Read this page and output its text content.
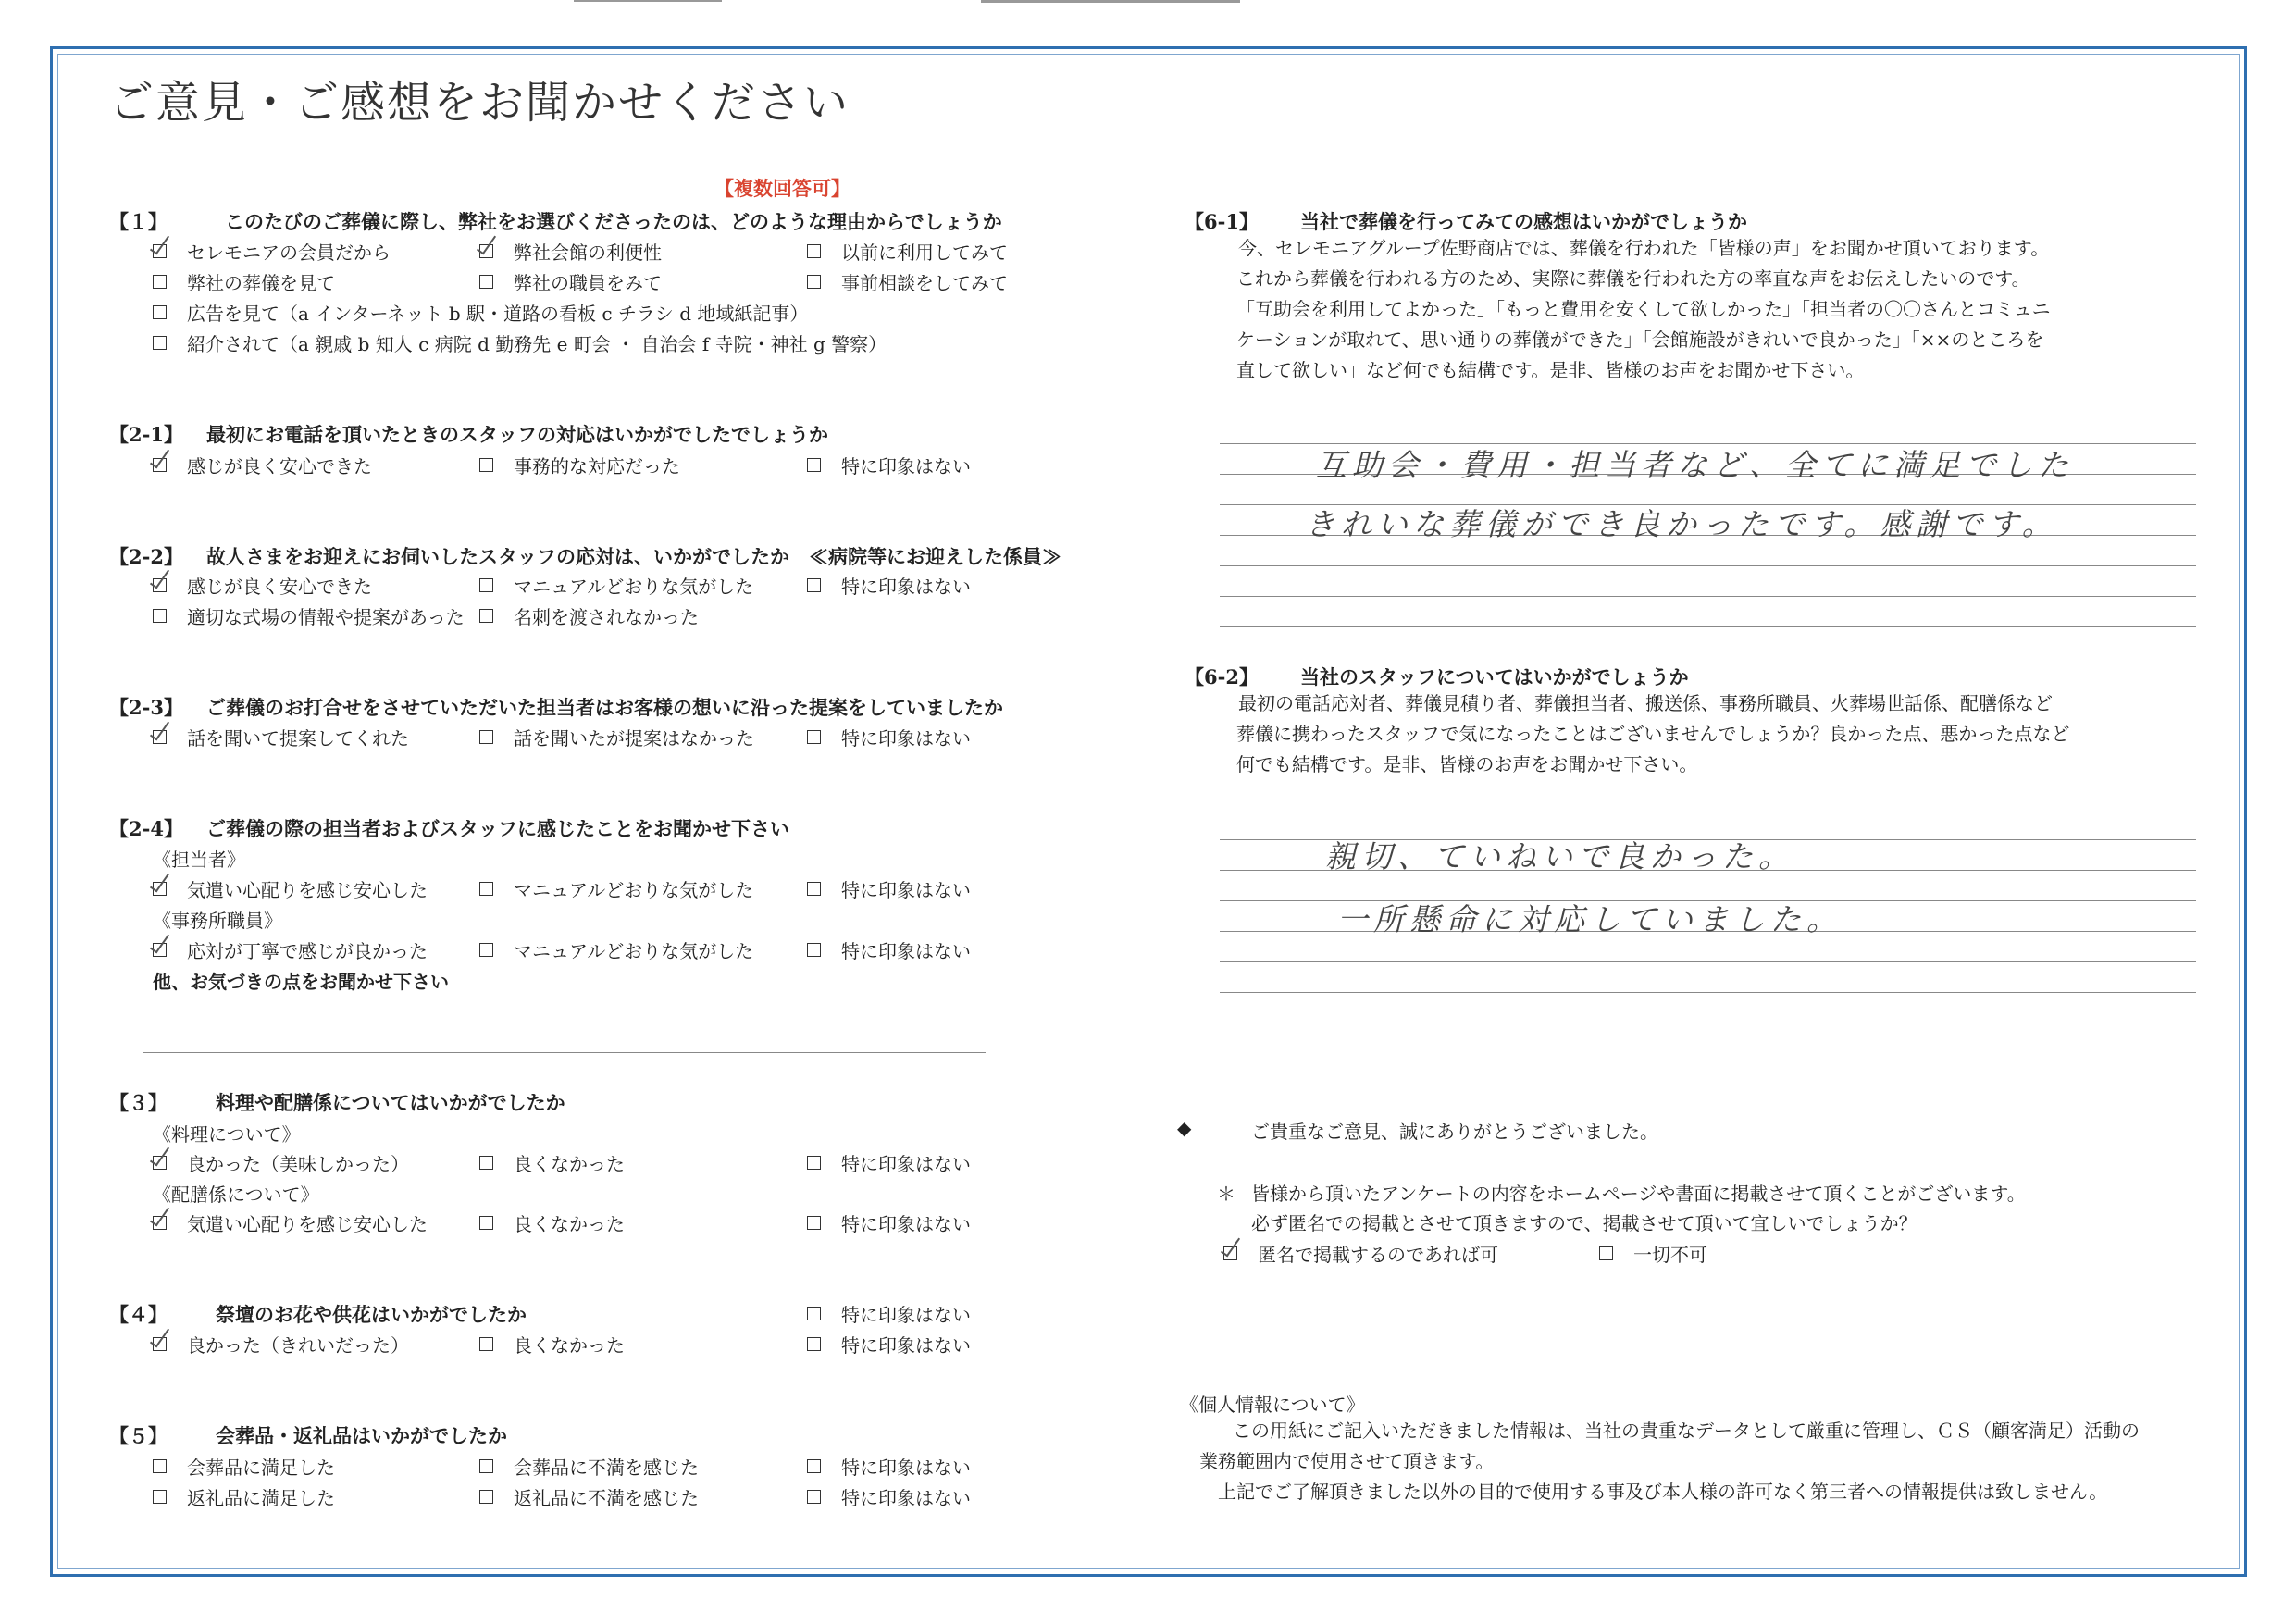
ご意見・ご感想をお聞かせください
【複数回答可】
【１】	このたびのご葬儀に際し、弊社をお選びくださったのは、どのような理由からでしょうか
セレモニアの会員だから	弊社会館の利便性	以前に利用してみて
弊社の葬儀を見て	弊社の職員をみて	事前相談をしてみて
広告を見て（a インターネット b 駅・道路の看板 c チラシ d 地域紙記事）
紹介されて（a 親戚 b 知人 c 病院 d 勤務先 e 町会 ・ 自治会 f 寺院・神社 g 警察）
【2-1】 最初にお電話を頂いたときのスタッフの対応はいかがでしたでしょうか
感じが良く安心できた	事務的な対応だった	特に印象はない
【2-2】 故人さまをお迎えにお伺いしたスタッフの応対は、いかがでしたか　≪病院等にお迎えした係員≫
感じが良く安心できた	マニュアルどおりな気がした	特に印象はない
適切な式場の情報や提案があった	名刺を渡されなかった
【2-3】 ご葬儀のお打合せをさせていただいた担当者はお客様の想いに沿った提案をしていましたか
話を聞いて提案してくれた	話を聞いたが提案はなかった	特に印象はない
【2-4】 ご葬儀の際の担当者およびスタッフに感じたことをお聞かせ下さい
《担当者》
気遣い心配りを感じ安心した	マニュアルどおりな気がした	特に印象はない
《事務所職員》
応対が丁寧で感じが良かった	マニュアルどおりな気がした	特に印象はない
他、お気づきの点をお聞かせ下さい
【３】 料理や配膳係についてはいかがでしたか
《料理について》
良かった（美味しかった）	良くなかった	特に印象はない
《配膳係について》
気遣い心配りを感じ安心した	良くなかった	特に印象はない
【４】 祭壇のお花や供花はいかがでしたか	特に印象はない
良かった（きれいだった）	良くなかった	特に印象はない
【５】 会葬品・返礼品はいかがでしたか
会葬品に満足した	会葬品に不満を感じた	特に印象はない
返礼品に満足した	返礼品に不満を感じた	特に印象はない
【6-1】 当社で葬儀を行ってみての感想はいかがでしょうか
今、セレモニアグループ佐野商店では、葬儀を行われた「皆様の声」をお聞かせ頂いております。
これから葬儀を行われる方のため、実際に葬儀を行われた方の率直な声をお伝えしたいのです。
「互助会を利用してよかった」「もっと費用を安くして欲しかった」「担当者の〇〇さんとコミュニ
ケーションが取れて、思い通りの葬儀ができた」「会館施設がきれいで良かった」「××のところを
直して欲しい」など何でも結構です。是非、皆様のお声をお聞かせ下さい。
互助会・費用・担当者など、全てに満足でした
きれいな葬儀ができ良かったです。感謝です。
【6-2】 当社のスタッフについてはいかがでしょうか
最初の電話応対者、葬儀見積り者、葬儀担当者、搬送係、事務所職員、火葬場世話係、配膳係など
葬儀に携わったスタッフで気になったことはございませんでしょうか？良かった点、悪かった点など
何でも結構です。是非、皆様のお声をお聞かせ下さい。
親切、ていねいで良かった。
一所懸命に対応していました。
◆	ご貴重なご意見、誠にありがとうございました。
＊ 皆様から頂いたアンケートの内容をホームページや書面に掲載させて頂くことがございます。
必ず匿名での掲載とさせて頂きますので、掲載させて頂いて宜しいでしょうか？
匿名で掲載するのであれば可	一切不可
《個人情報について》
この用紙にご記入いただきました情報は、当社の貴重なデータとして厳重に管理し、ＣＳ（顧客満足）活動の
業務範囲内で使用させて頂きます。
上記でご了解頂きました以外の目的で使用する事及び本人様の許可なく第三者への情報提供は致しません。
